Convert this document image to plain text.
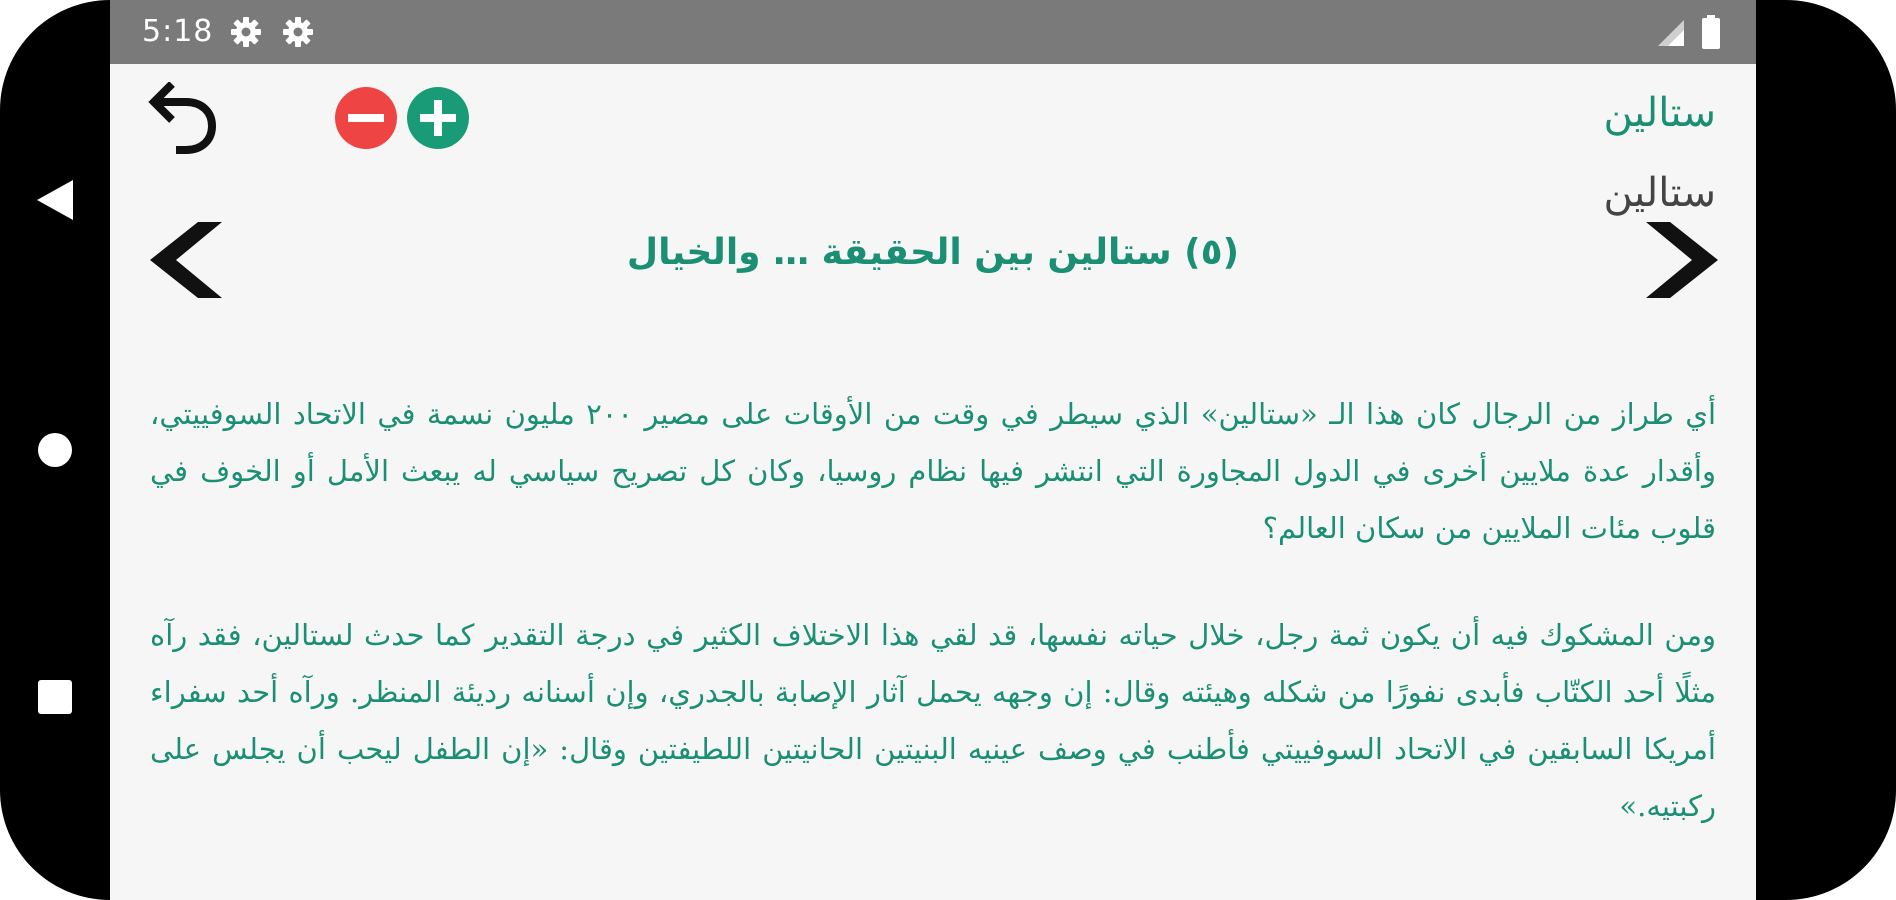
5:18
ستالين
ستالين
(٥) ستالين بين الحقيقة … والخيال

أي طراز من الرجال كان هذا الـ «ستالين» الذي سيطر في وقت من الأوقات على مصير ٢٠٠ مليون نسمة في الاتحاد السوفييتي، وأقدار عدة ملايين أخرى في الدول المجاورة التي انتشر فيها نظام روسيا، وكان كل تصريح سياسي له يبعث الأمل أو الخوف في قلوب مئات الملايين من سكان العالم؟

ومن المشكوك فيه أن يكون ثمة رجل، خلال حياته نفسها، قد لقي هذا الاختلاف الكثير في درجة التقدير كما حدث لستالين، فقد رآه مثلًا أحد الكتّاب فأبدى نفورًا من شكله وهيئته وقال: إن وجهه يحمل آثار الإصابة بالجدري، وإن أسنانه رديئة المنظر. ورآه أحد سفراء أمريكا السابقين في الاتحاد السوفييتي فأطنب في وصف عينيه البنيتين الحانيتين اللطيفتين وقال: «إن الطفل ليحب أن يجلس على ركبتيه.»
